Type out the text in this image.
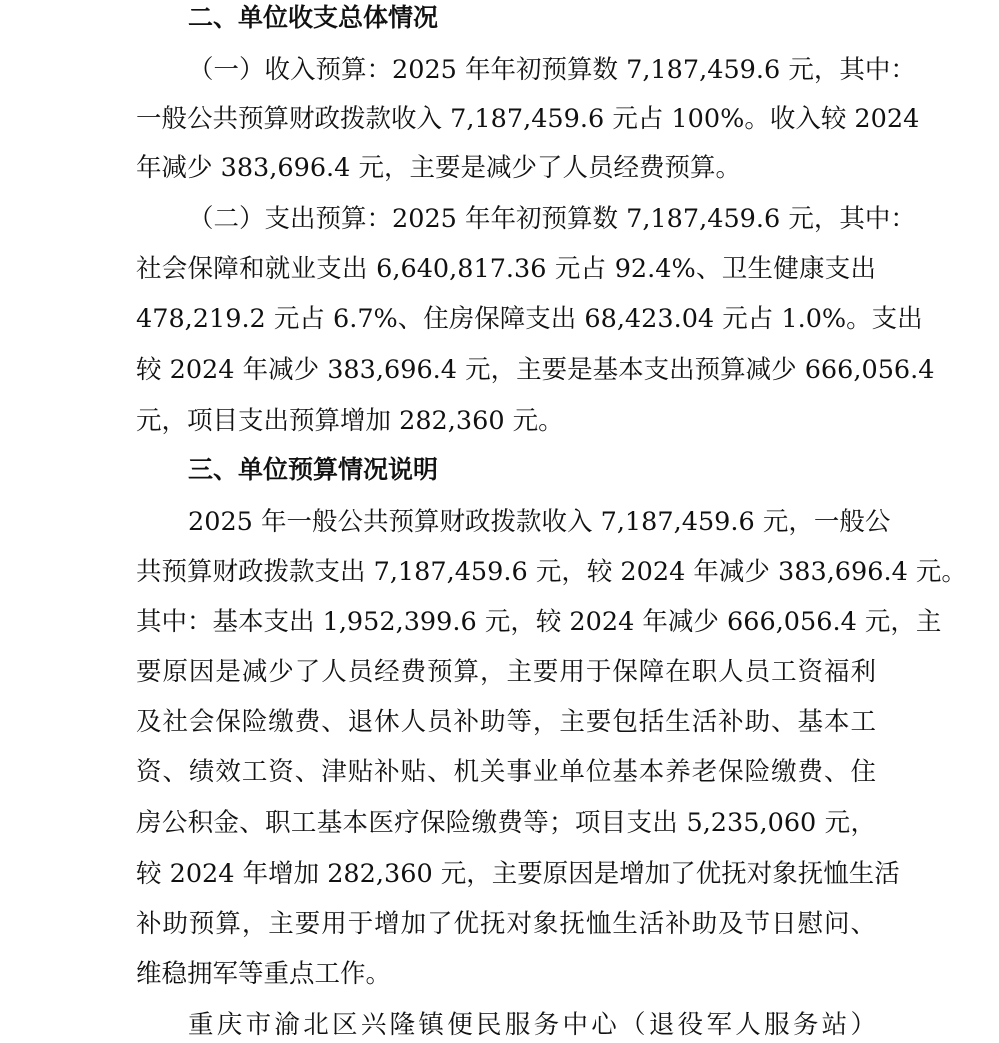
二、单位收支总体情况
（一）收入预算：2025 年年初预算数 7,187,459.6 元，其中：
一般公共预算财政拨款收入 7,187,459.6 元占 100%。收入较 2024
年减少 383,696.4 元，主要是减少了人员经费预算。
（二）支出预算：2025 年年初预算数 7,187,459.6 元，其中：
社会保障和就业支出 6,640,817.36 元占 92.4%、卫生健康支出
478,219.2 元占 6.7%、住房保障支出 68,423.04 元占 1.0%。支出
较 2024 年减少 383,696.4 元，主要是基本支出预算减少 666,056.4
元，项目支出预算增加 282,360 元。
三、单位预算情况说明
2025 年一般公共预算财政拨款收入 7,187,459.6 元，一般公
共预算财政拨款支出 7,187,459.6 元，较 2024 年减少 383,696.4 元。
其中：基本支出 1,952,399.6 元，较 2024 年减少 666,056.4 元，主
要原因是减少了人员经费预算，主要用于保障在职人员工资福利
及社会保险缴费、退休人员补助等，主要包括生活补助、基本工
资、绩效工资、津贴补贴、机关事业单位基本养老保险缴费、住
房公积金、职工基本医疗保险缴费等；项目支出 5,235,060 元，
较 2024 年增加 282,360 元，主要原因是增加了优抚对象抚恤生活
补助预算，主要用于增加了优抚对象抚恤生活补助及节日慰问、
维稳拥军等重点工作。
重庆市渝北区兴隆镇便民服务中心（退役军人服务站）
